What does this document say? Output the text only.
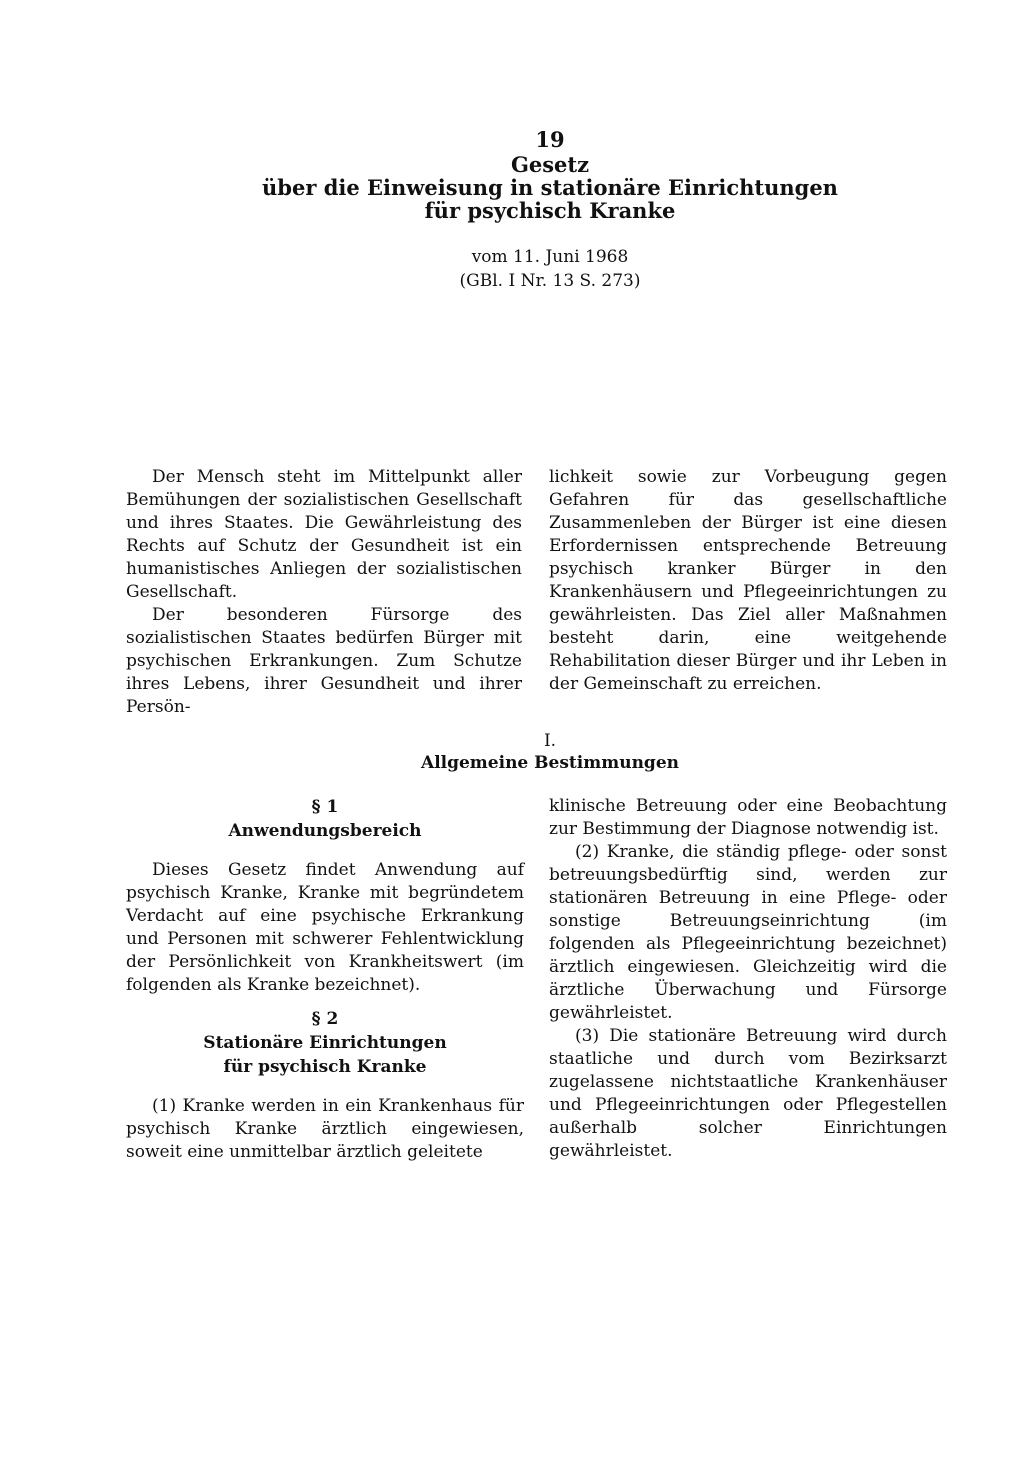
19
Gesetz
über die Einweisung in stationäre Einrichtungen
für psychisch Kranke
vom 11. Juni 1968
(GBl. I Nr. 13 S. 273)

Der Mensch steht im Mittelpunkt aller Bemühungen der sozialistischen Gesellschaft und ihres Staates. Die Gewährleistung des Rechts auf Schutz der Gesundheit ist ein humanistisches Anliegen der sozialistischen Gesellschaft.

Der besonderen Fürsorge des sozialistischen Staates bedürfen Bürger mit psychischen Erkrankungen. Zum Schutze ihres Lebens, ihrer Gesundheit und ihrer Persön-

lichkeit sowie zur Vorbeugung gegen Gefahren für das gesellschaftliche Zusammenleben der Bürger ist eine diesen Erfordernissen entsprechende Betreuung psychisch kranker Bürger in den Krankenhäusern und Pflegeeinrichtungen zu gewährleisten. Das Ziel aller Maßnahmen besteht darin, eine weitgehende Rehabilitation dieser Bürger und ihr Leben in der Gemeinschaft zu erreichen.

I.
Allgemeine Bestimmungen
§ 1
Anwendungsbereich

Dieses Gesetz findet Anwendung auf psychisch Kranke, Kranke mit begründetem Verdacht auf eine psychische Erkrankung und Personen mit schwerer Fehlentwicklung der Persönlichkeit von Krankheitswert (im folgenden als Kranke bezeichnet).

§ 2
Stationäre Einrichtungen
für psychisch Kranke

(1) Kranke werden in ein Krankenhaus für psychisch Kranke ärztlich eingewiesen, soweit eine unmittelbar ärztlich geleitete

klinische Betreuung oder eine Beobachtung zur Bestimmung der Diagnose notwendig ist.

(2) Kranke, die ständig pflege- oder sonst betreuungsbedürftig sind, werden zur stationären Betreuung in eine Pflege- oder sonstige Betreuungseinrichtung (im folgenden als Pflegeeinrichtung bezeichnet) ärztlich eingewiesen. Gleichzeitig wird die ärztliche Überwachung und Fürsorge gewährleistet.

(3) Die stationäre Betreuung wird durch staatliche und durch vom Bezirksarzt zugelassene nichtstaatliche Krankenhäuser und Pflegeeinrichtungen oder Pflegestellen außerhalb solcher Einrichtungen gewährleistet.
